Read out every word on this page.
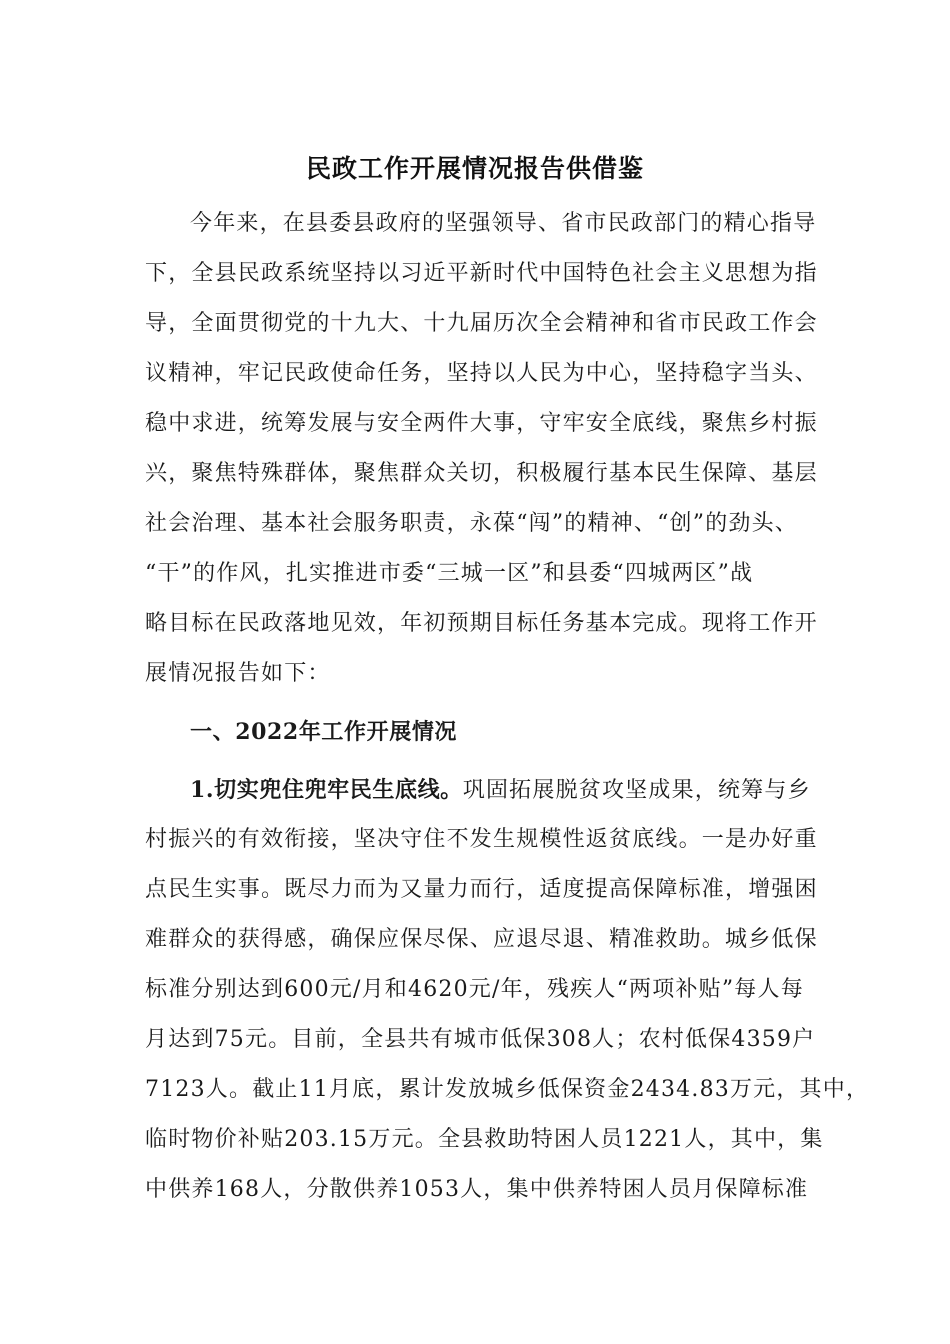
民政工作开展情况报告供借鉴
今年来，在县委县政府的坚强领导、省市民政部门的精心指导
下，全县民政系统坚持以习近平新时代中国特色社会主义思想为指
导，全面贯彻党的十九大、十九届历次全会精神和省市民政工作会
议精神，牢记民政使命任务，坚持以人民为中心，坚持稳字当头、
稳中求进，统筹发展与安全两件大事，守牢安全底线，聚焦乡村振
兴，聚焦特殊群体，聚焦群众关切，积极履行基本民生保障、基层
社会治理、基本社会服务职责，永葆“闯”的精神、“创”的劲头、
“干”的作风，扎实推进市委“三城一区”和县委“四城两区”战
略目标在民政落地见效，年初预期目标任务基本完成。现将工作开
展情况报告如下：
一、2022年工作开展情况
1.切实兜住兜牢民生底线。巩固拓展脱贫攻坚成果，统筹与乡
村振兴的有效衔接，坚决守住不发生规模性返贫底线。一是办好重
点民生实事。既尽力而为又量力而行，适度提高保障标准，增强困
难群众的获得感，确保应保尽保、应退尽退、精准救助。城乡低保
标准分别达到600元/月和4620元/年，残疾人“两项补贴”每人每
月达到75元。目前，全县共有城市低保308人；农村低保4359户
7123人。截止11月底，累计发放城乡低保资金2434.83万元，其中，
临时物价补贴203.15万元。全县救助特困人员1221人，其中，集
中供养168人，分散供养1053人，集中供养特困人员月保障标准
